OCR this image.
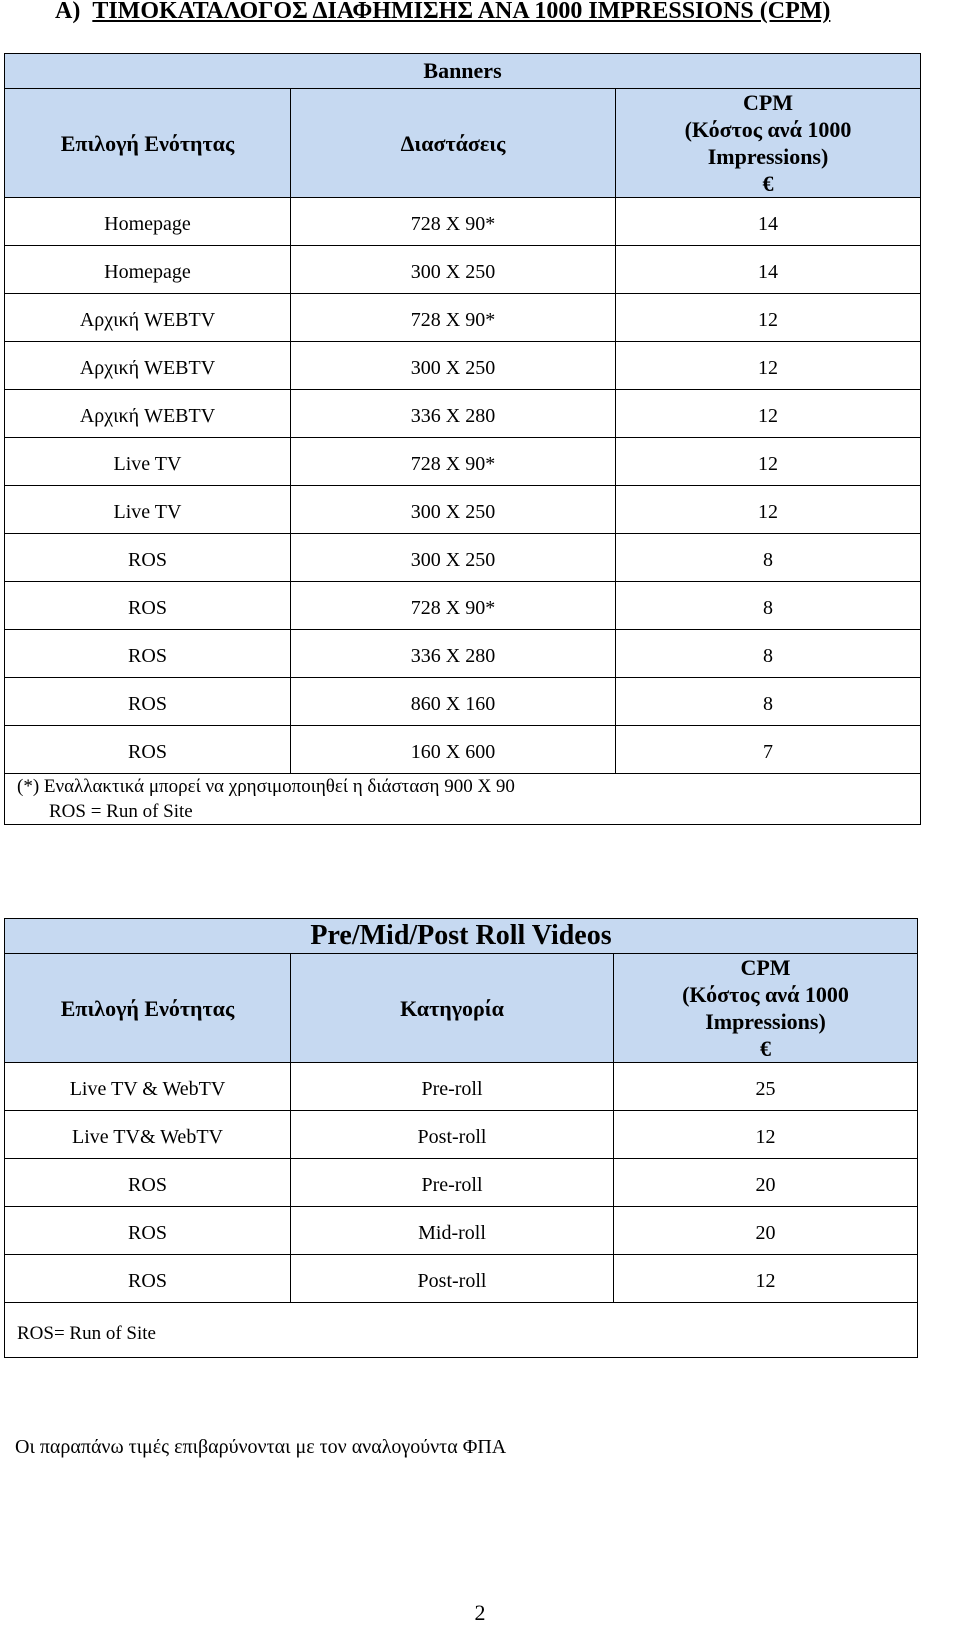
A) ΤΙΜΟΚΑΤΑΛΟΓΟΣ ΔΙΑΦΗΜΙΣΗΣ ΑΝΑ 1000 IMPRESSIONS (CPM)
Banners		
Επιλογή Ενότητας	Διαστάσεις	CPM
(Κόστος ανά 1000
Impressions)
€

Homepage	728 X 90*	14
Homepage	300 X 250	14
Αρχική WEBTV	728 X 90*	12
Αρχική WEBTV	300 X 250	12
Αρχική WEBTV	336 X 280	12
Live TV	728 X 90*	12
Live TV	300 X 250	12
ROS	300 X 250	8
ROS	728 X 90*	8
ROS	336 X 280	8
ROS	860 X 160	8
ROS	160 X 600	7
(*) Εναλλακτικά μπορεί να χρησιμοποιηθεί η διάσταση 900 Χ 90
ROS = Run of Site		
Pre/Mid/Post Roll Videos		
Επιλογή Ενότητας	Κατηγορία	CPM
(Κόστος ανά 1000
Impressions)
€

Live TV & WebTV	Pre-roll	25
Live TV& WebTV	Post-roll	12
ROS	Pre-roll	20
ROS	Mid-roll	20
ROS	Post-roll	12
ROS= Run of Site		
Οι παραπάνω τιμές επιβαρύνονται με τον αναλογούντα ΦΠΑ
2
